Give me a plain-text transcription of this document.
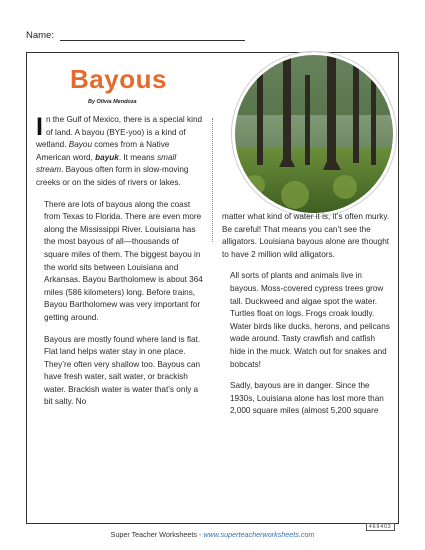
Name:
Bayous
By Olivia Mendoza

In the Gulf of Mexico, there is a special kind of land. A bayou (BYE-yoo) is a kind of wetland. Bayou comes from a Native American word, bayuk. It means small stream. Bayous often form in slow-moving creeks or on the sides of rivers or lakes.

There are lots of bayous along the coast from Texas to Florida. There are even more along the Mississippi River. Louisiana has the most bayous of all—thousands of square miles of them. The biggest bayou in the world sits between Louisiana and Arkansas. Bayou Bartholomew is about 364 miles (586 kilometers) long. Before trains, Bayou Bartholomew was very important for getting around.

Bayous are mostly found where land is flat. Flat land helps water stay in one place. They’re often very shallow too. Bayous can have fresh water, salt water, or brackish water. Brackish water is water that’s only a bit salty. No

matter what kind of water it is, it’s often murky. Be careful! That means you can’t see the alligators. Louisiana bayous alone are thought to have 2 million wild alligators.

All sorts of plants and animals live in bayous. Moss-covered cypress trees grow tall. Duckweed and algae spot the water. Turtles float on logs. Frogs croak loudly. Water birds like ducks, herons, and pelicans wade around. Tasty crawfish and catfish hide in the muck. Watch out for snakes and bobcats!

Sadly, bayous are in danger. Since the 1930s, Louisiana alone has lost more than 2,000 square miles (almost 5,200 square

Super Teacher Worksheets - www.superteacherworksheets.com
469402
